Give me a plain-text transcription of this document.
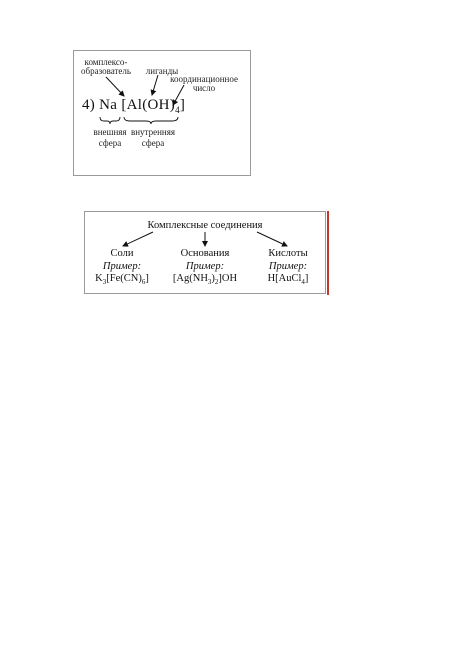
комплексо-
образователь	лиганды
координационное
число
4) Na $[Al(OH)_4]$
внешняя
сфера
внутренняя
сфера
Комплексные соединения
Соли
Пример:
$K_3[Fe(CN)_6]$
Основания
Пример:
$[Ag(NH_3)_2]OH$
Кислоты
Пример:
H[AuCl$_4$]
